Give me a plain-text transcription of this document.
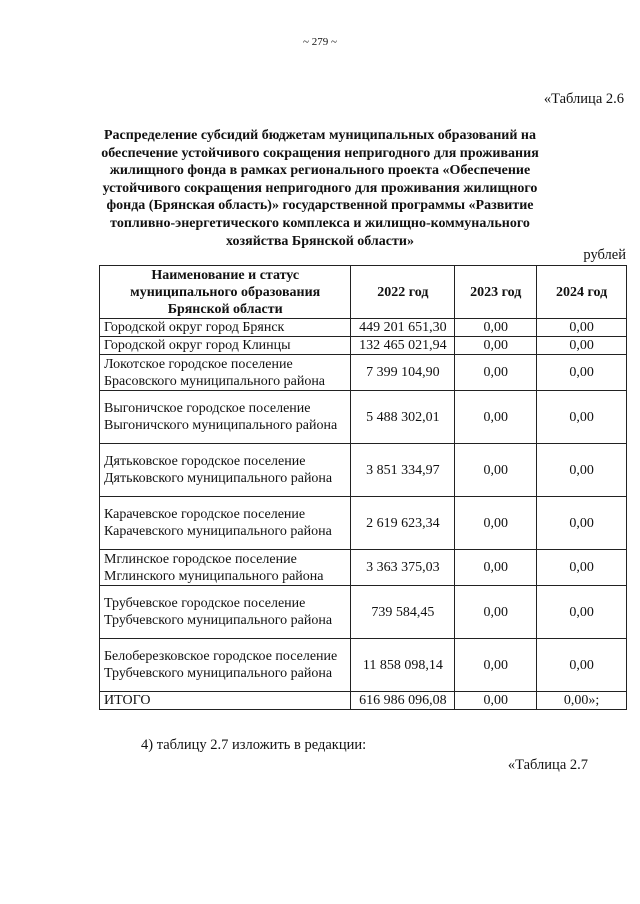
~ 279 ~
«Таблица 2.6
Распределение субсидий бюджетам муниципальных образований на обеспечение устойчивого сокращения непригодного для проживания жилищного фонда в рамках регионального проекта «Обеспечение устойчивого сокращения непригодного для проживания жилищного фонда (Брянская область)» государственной программы «Развитие топливно-энергетического комплекса и жилищно-коммунального хозяйства Брянской области»
рублей
Наименование и статус муниципального образования Брянской области	2022 год	2023 год	2024 год
Городской округ город Брянск	449 201 651,30	0,00	0,00
Городской округ город Клинцы	132 465 021,94	0,00	0,00
Локотское городское поселение Брасовского муниципального района	7 399 104,90	0,00	0,00
Выгоничское городское поселение Выгоничского муниципального района	5 488 302,01	0,00	0,00
Дятьковское городское поселение Дятьковского муниципального района	3 851 334,97	0,00	0,00
Карачевское городское поселение Карачевского муниципального района	2 619 623,34	0,00	0,00
Мглинское городское поселение Мглинского муниципального района	3 363 375,03	0,00	0,00
Трубчевское городское поселение Трубчевского муниципального района	739 584,45	0,00	0,00
Белоберезковское городское поселение Трубчевского муниципального района	11 858 098,14	0,00	0,00
ИТОГО	616 986 096,08	0,00	0,00»;
4) таблицу 2.7 изложить в редакции:
«Таблица 2.7
